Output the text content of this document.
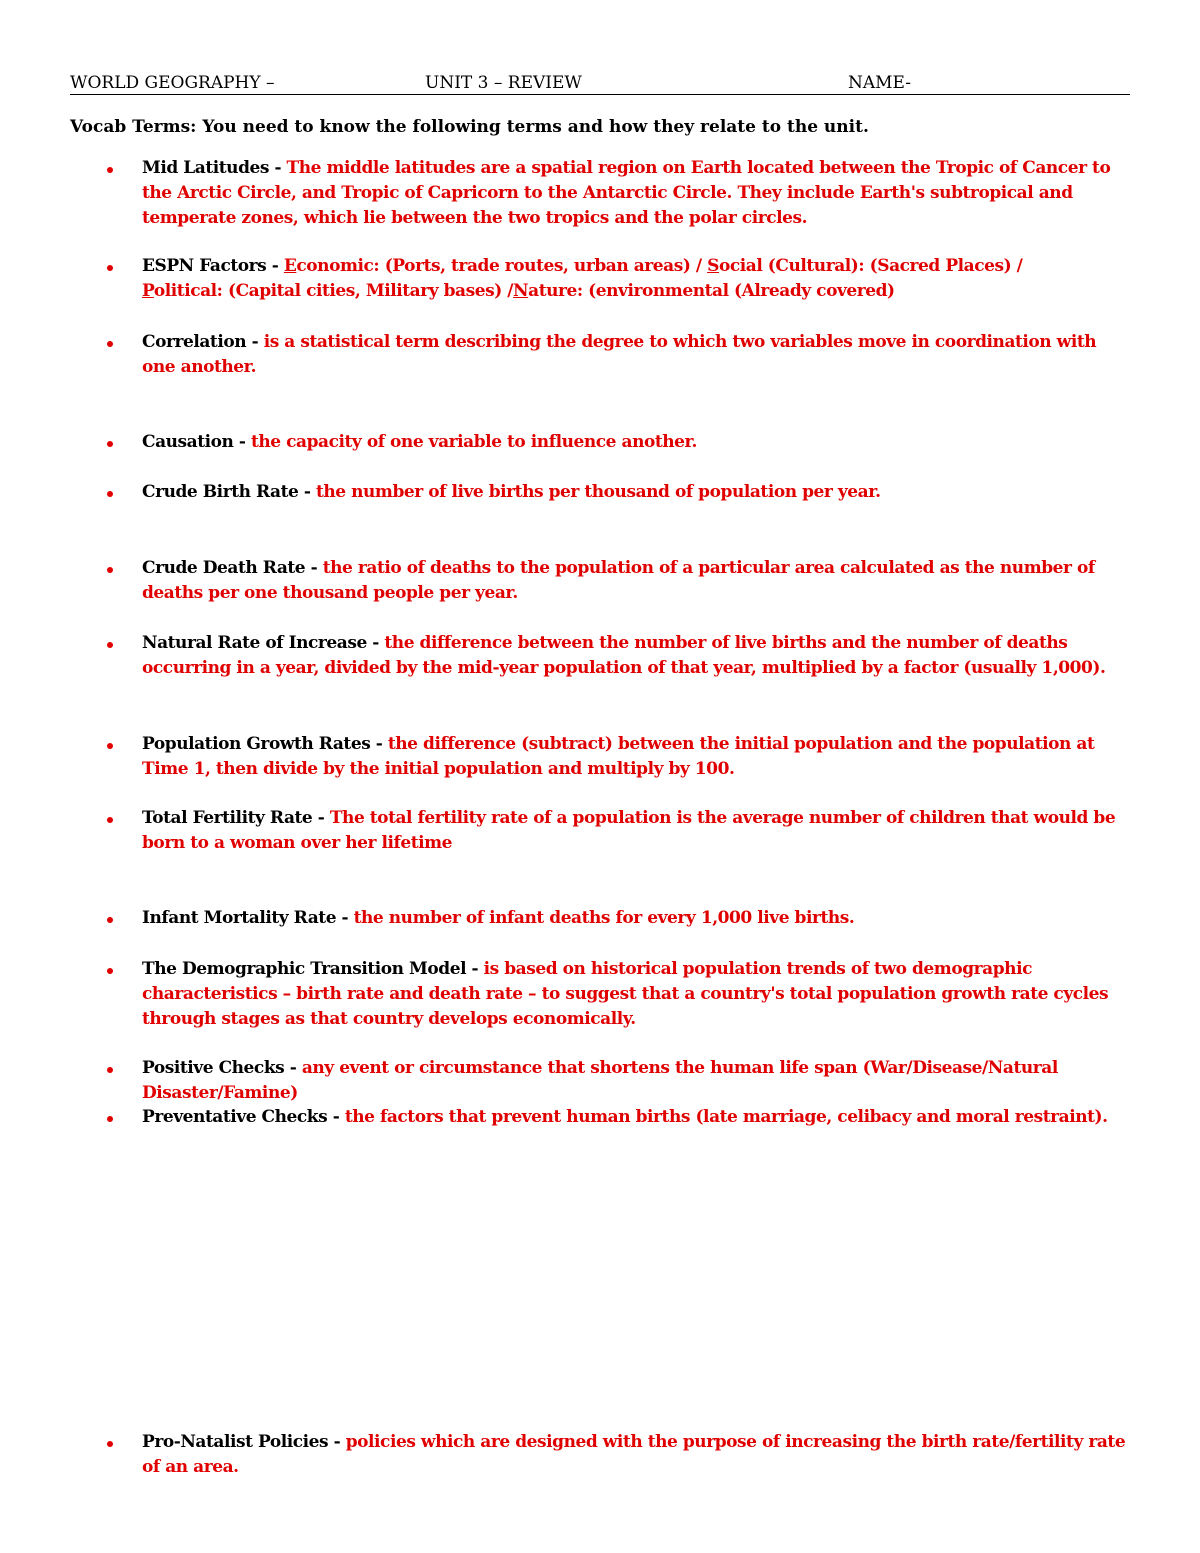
WORLD GEOGRAPHY –	UNIT 3 – REVIEW	NAME-
Vocab Terms: You need to know the following terms and how they relate to the unit.
Mid Latitudes - The middle latitudes are a spatial region on Earth located between the Tropic of Cancer to the Arctic Circle, and Tropic of Capricorn to the Antarctic Circle. They include Earth's subtropical and temperate zones, which lie between the two tropics and the polar circles.
ESPN Factors - Economic: (Ports, trade routes, urban areas) / Social (Cultural): (Sacred Places) /
Political: (Capital cities, Military bases) /Nature: (environmental (Already covered)
Correlation - is a statistical term describing the degree to which two variables move in coordination with one another.
Causation - the capacity of one variable to influence another.
Crude Birth Rate - the number of live births per thousand of population per year.
Crude Death Rate - the ratio of deaths to the population of a particular area calculated as the number of deaths per one thousand people per year.
Natural Rate of Increase - the difference between the number of live births and the number of deaths occurring in a year, divided by the mid-year population of that year, multiplied by a factor (usually 1,000).
Population Growth Rates - the difference (subtract) between the initial population and the population at Time 1, then divide by the initial population and multiply by 100.
Total Fertility Rate - The total fertility rate of a population is the average number of children that would be born to a woman over her lifetime
Infant Mortality Rate - the number of infant deaths for every 1,000 live births.
The Demographic Transition Model - is based on historical population trends of two demographic characteristics – birth rate and death rate – to suggest that a country's total population growth rate cycles through stages as that country develops economically.
Positive Checks - any event or circumstance that shortens the human life span (War/Disease/Natural Disaster/Famine)
Preventative Checks - the factors that prevent human births (late marriage, celibacy and moral restraint).
Pro-Natalist Policies - policies which are designed with the purpose of increasing the birth rate/fertility rate of an area.
